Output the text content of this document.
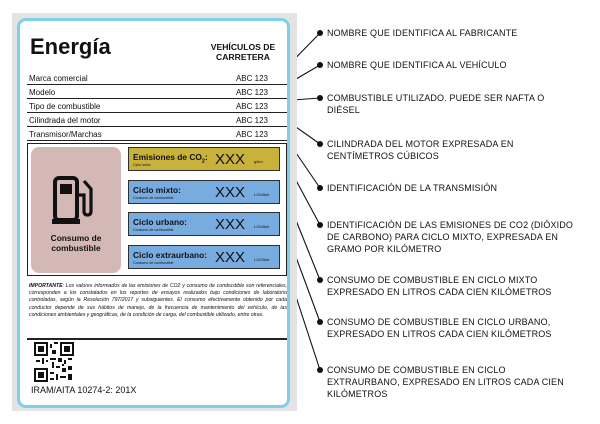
Energía	VEHÍCULOS DE CARRETERA
Marca comercial	ABC 123
Modelo	ABC 123
Tipo de combustible	ABC 123
Cilindrada del motor	ABC 123
Transmisor/Marchas	ABC 123
Consumo de combustible
Emisiones de $CO_2$:
Ciclo mixto	XXX g/km
Ciclo mixto:
Consumo de combustible	XXX L/100km
Ciclo urbano:
Consumo de combustible	XXX L/100km
Ciclo extraurbano:
Consumo de combustible	XXX L/100km
IMPORTANTE: Los valores informados de las emisiones de CO2 y consumo de combustible son referenciales, corresponden a los constatados en los reportes de ensayos realizados bajo condiciones de laboratorio controladas, según la Resolución 797/2017 y subsiguientes. El consumo efectivamente obtenido por cada conductor depende de sus hábitos de manejo, de la frecuencia de mantenimiento del vehículo, de las condiciones ambientales y geográficas, de la condición de carga, del combustible utilizado, entre otras.
IRAM/AITA 10274-2: 201X
NOMBRE QUE IDENTIFICA AL FABRICANTE
NOMBRE QUE IDENTIFICA AL VEHÍCULO
COMBUSTIBLE UTILIZADO. PUEDE SER NAFTA O DIÉSEL
CILINDRADA DEL MOTOR EXPRESADA EN CENTÍMETROS CÚBICOS
IDENTIFICACIÓN DE LA TRANSMISIÓN
IDENTIFICACIÓN DE LAS EMISIONES DE CO2 (DIÓXIDO DE CARBONO) PARA CICLO MIXTO, EXPRESADA EN GRAMO POR KILÓMETRO
CONSUMO DE COMBUSTIBLE EN CICLO MIXTO EXPRESADO EN LITROS CADA CIEN KILÓMETROS
CONSUMO DE COMBUSTIBLE EN CICLO URBANO, EXPRESADO EN LITROS CADA CIEN KILÓMETROS
CONSUMO DE COMBUSTIBLE EN CICLO EXTRAURBANO, EXPRESADO EN LITROS CADA CIEN KILÓMETROS
